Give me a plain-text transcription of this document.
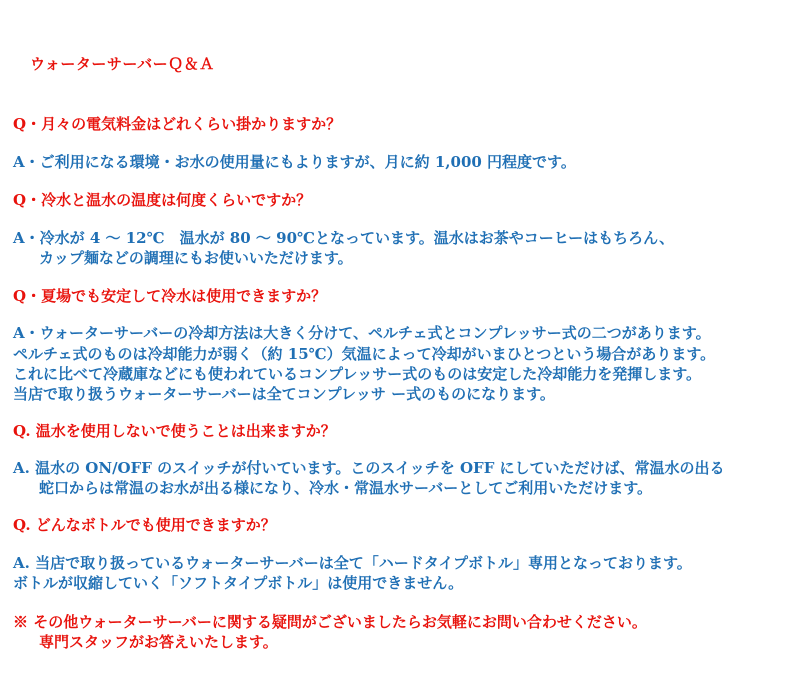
ウォーターサーバーＱ＆Ａ
Q・月々の電気料金はどれくらい掛かりますか？
A・ご利用になる環境・お水の使用量にもよりますが、月に約 1,000 円程度です。
Q・冷水と温水の温度は何度くらいですか？
A・冷水が 4 ～ 12℃　温水が 80 ～ 90℃となっています。温水はお茶やコーヒーはもちろん、
カップ麺などの調理にもお使いいただけます。
Q・夏場でも安定して冷水は使用できますか？
A・ウォーターサーバーの冷却方法は大きく分けて、ペルチェ式とコンプレッサー式の二つがあります。
ペルチェ式のものは冷却能力が弱く（約 15℃）気温によって冷却がいまひとつという場合があります。
これに比べて冷蔵庫などにも使われているコンプレッサー式のものは安定した冷却能力を発揮します。
当店で取り扱うウォーターサーバーは全てコンプレッサ ー式のものになります。
Q. 温水を使用しないで使うことは出来ますか？
A. 温水の ON/OFF のスイッチが付いています。このスイッチを OFF にしていただけば、常温水の出る
蛇口からは常温のお水が出る様になり、冷水・常温水サーバーとしてご利用いただけます。
Q. どんなボトルでも使用できますか？
A. 当店で取り扱っているウォーターサーバーは全て「ハードタイプボトル」専用となっております。
ボトルが収縮していく「ソフトタイプボトル」は使用できません。
※ その他ウォーターサーバーに関する疑問がございましたらお気軽にお問い合わせください。
専門スタッフがお答えいたします。
